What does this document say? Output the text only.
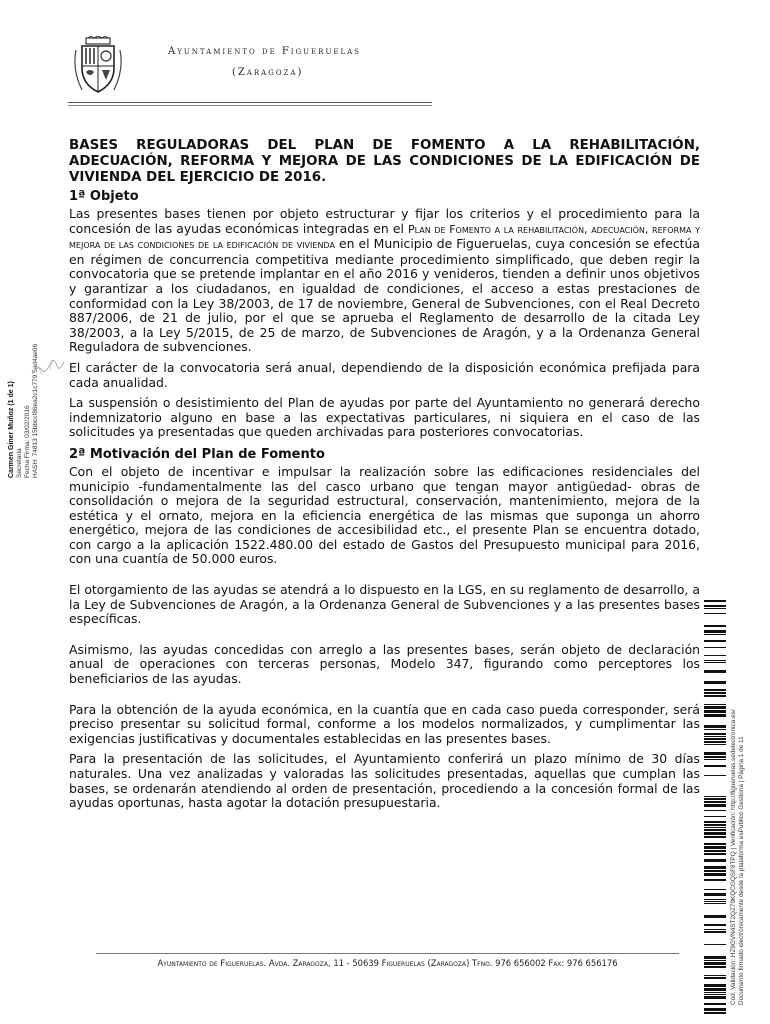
Ayuntamiento de Figueruelas
(Zaragoza)
Carmen Giner Muñoz (1 de 1) Secretaria Fecha Firma: 03/02/2016 HASH: 74813 15bbccf86ea2c1c779 5ad4ae06

BASES REGULADORAS DEL PLAN DE FOMENTO A LA REHABILITACIÓN, ADECUACIÓN, REFORMA Y MEJORA DE LAS CONDICIONES DE LA EDIFICACIÓN DE VIVIENDA DEL EJERCICIO DE 2016.

1ª Objeto

Las presentes bases tienen por objeto estructurar y fijar los criterios y el procedimiento para la concesión de las ayudas económicas integradas en el Plan de Fomento a la rehabilitación, adecuación, reforma y mejora de las condiciones de la edificación de vivienda en el Municipio de Figueruelas, cuya concesión se efectúa en régimen de concurrencia competitiva mediante procedimiento simplificado, que deben regir la convocatoria que se pretende implantar en el año 2016 y venideros, tienden a definir unos objetivos y garantizar a los ciudadanos, en igualdad de condiciones, el acceso a estas prestaciones de conformidad con la Ley 38/2003, de 17 de noviembre, General de Subvenciones, con el Real Decreto 887/2006, de 21 de julio, por el que se aprueba el Reglamento de desarrollo de la citada Ley 38/2003, a la Ley 5/2015, de 25 de marzo, de Subvenciones de Aragón, y a la Ordenanza General Reguladora de subvenciones.

El carácter de la convocatoria será anual, dependiendo de la disposición económica prefijada para cada anualidad.

La suspensión o desistimiento del Plan de ayudas por parte del Ayuntamiento no generará derecho indemnizatorio alguno en base a las expectativas particulares, ni siquiera en el caso de las solicitudes ya presentadas que queden archivadas para posteriores convocatorias.

2ª Motivación del Plan de Fomento

Con el objeto de incentivar e impulsar la realización sobre las edificaciones residenciales del municipio -fundamentalmente las del casco urbano que tengan mayor antigüedad- obras de consolidación o mejora de la seguridad estructural, conservación, mantenimiento, mejora de la estética y el ornato, mejora en la eficiencia energética de las mismas que suponga un ahorro energético, mejora de las condiciones de accesibilidad etc., el presente Plan se encuentra dotado, con cargo a la aplicación 1522.480.00 del estado de Gastos del Presupuesto municipal para 2016, con una cuantía de 50.000 euros.

El otorgamiento de las ayudas se atendrá a lo dispuesto en la LGS, en su reglamento de desarrollo, a la Ley de Subvenciones de Aragón, a la Ordenanza General de Subvenciones y a las presentes bases específicas.

Asimismo, las ayudas concedidas con arreglo a las presentes bases, serán objeto de declaración anual de operaciones con terceras personas, Modelo 347, figurando como perceptores los beneficiarios de las ayudas.

Para la obtención de la ayuda económica, en la cuantía que en cada caso pueda corresponder, será preciso presentar su solicitud formal, conforme a los modelos normalizados, y cumplimentar las exigencias justificativas y documentales establecidas en las presentes bases.

Para la presentación de las solicitudes, el Ayuntamiento conferirá un plazo mínimo de 30 días naturales. Una vez analizadas y valoradas las solicitudes presentadas, aquellas que cumplan las bases, se ordenarán atendiendo al orden de presentación, procediendo a la concesión formal de las ayudas oportunas, hasta agotar la dotación presupuestaria.

Ayuntamiento de Figueruelas. Avda. Zaragoza, 11 - 50639 Figueruelas (Zaragoza) Tfno. 976 656002 Fax: 976 656176	Cód. Validación: HZ9GVN4ST2QZ79KQCGQSF8TPQ | Verificación: http://figueruelas.sedelectronica.es/ Documento firmado electrónicamente desde la plataforma esPublico Gestiona | Página 1 de 11
